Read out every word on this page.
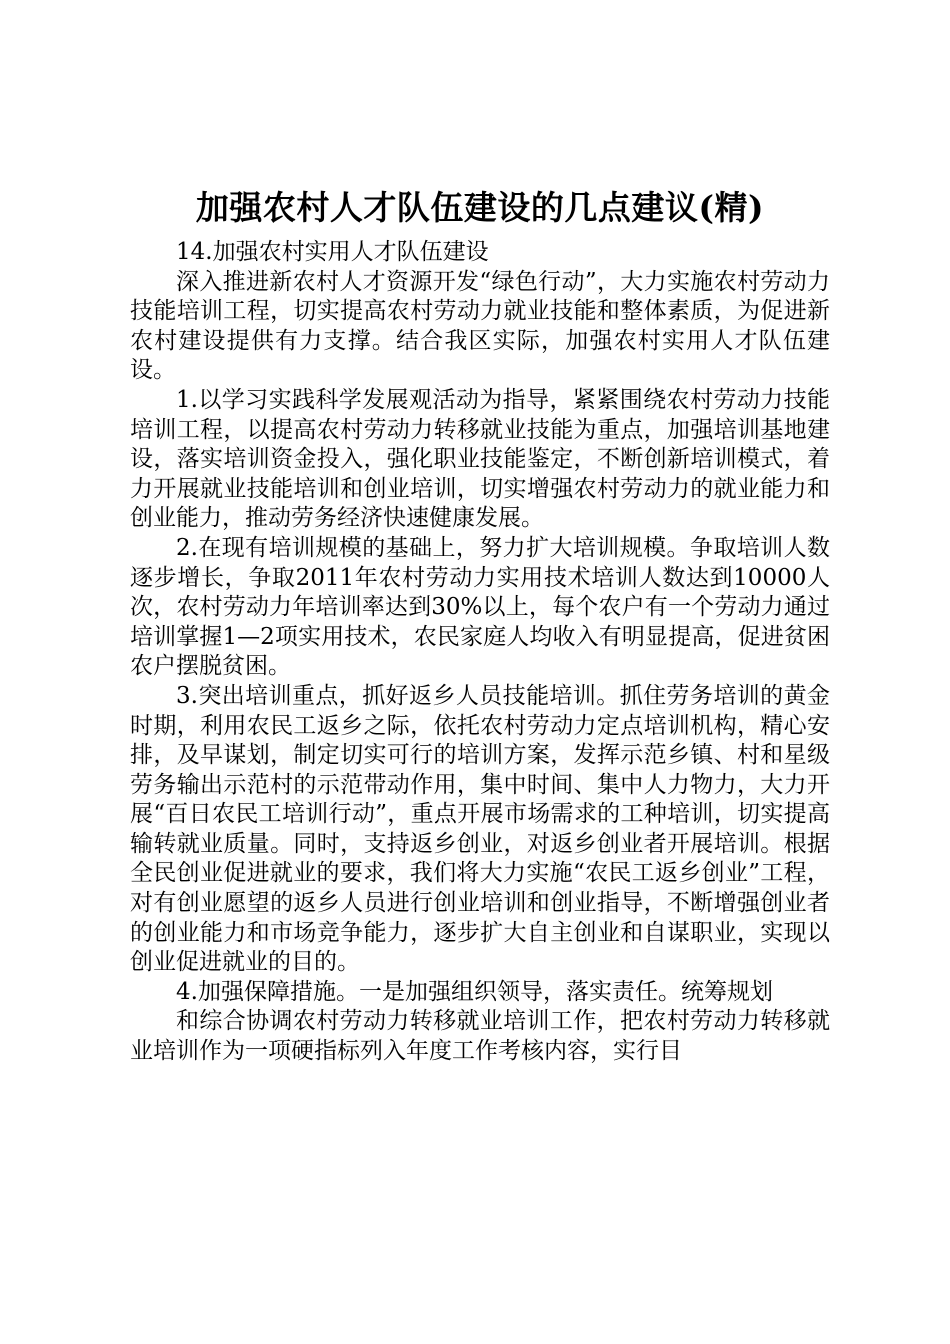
加强农村人才队伍建设的几点建议(精)

14.加强农村实用人才队伍建设

深入推进新农村人才资源开发“绿色行动”，大力实施农村劳动力技能培训工程，切实提高农村劳动力就业技能和整体素质，为促进新农村建设提供有力支撑。结合我区实际，加强农村实用人才队伍建设。

1.以学习实践科学发展观活动为指导，紧紧围绕农村劳动力技能培训工程，以提高农村劳动力转移就业技能为重点，加强培训基地建设，落实培训资金投入，强化职业技能鉴定，不断创新培训模式，着力开展就业技能培训和创业培训，切实增强农村劳动力的就业能力和创业能力，推动劳务经济快速健康发展。

2.在现有培训规模的基础上，努力扩大培训规模。争取培训人数逐步增长，争取2011年农村劳动力实用技术培训人数达到10000人次，农村劳动力年培训率达到30%以上，每个农户有一个劳动力通过培训掌握1—2项实用技术，农民家庭人均收入有明显提高，促进贫困农户摆脱贫困。

3.突出培训重点，抓好返乡人员技能培训。抓住劳务培训的黄金时期，利用农民工返乡之际，依托农村劳动力定点培训机构，精心安排，及早谋划，制定切实可行的培训方案，发挥示范乡镇、村和星级劳务输出示范村的示范带动作用，集中时间、集中人力物力，大力开展“百日农民工培训行动”，重点开展市场需求的工种培训，切实提高输转就业质量。同时，支持返乡创业，对返乡创业者开展培训。根据全民创业促进就业的要求，我们将大力实施“农民工返乡创业”工程，对有创业愿望的返乡人员进行创业培训和创业指导，不断增强创业者的创业能力和市场竞争能力，逐步扩大自主创业和自谋职业，实现以创业促进就业的目的。

4.加强保障措施。一是加强组织领导，落实责任。统筹规划

和综合协调农村劳动力转移就业培训工作，把农村劳动力转移就业培训作为一项硬指标列入年度工作考核内容，实行目
